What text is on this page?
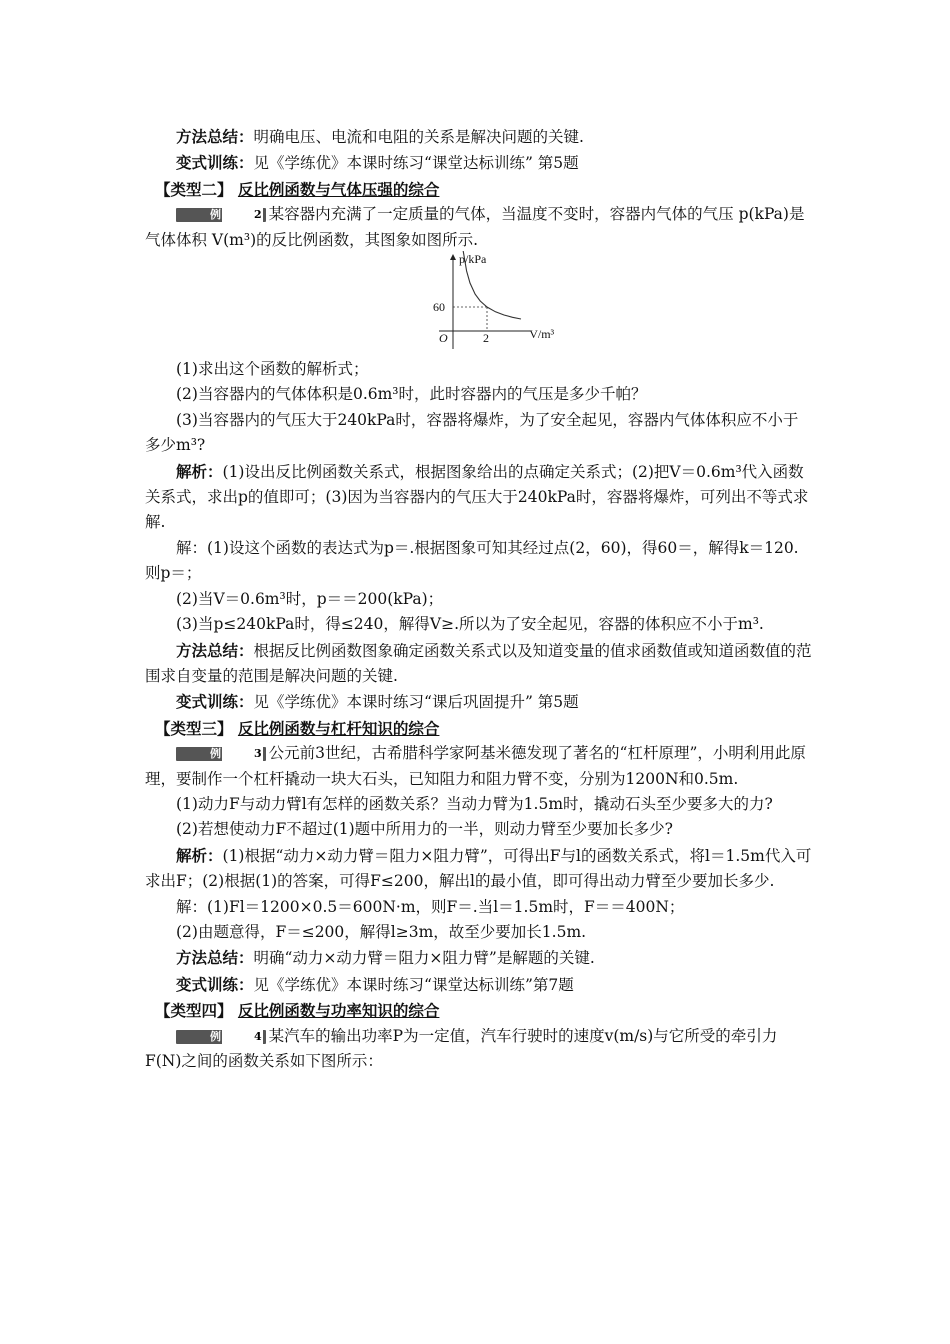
方法总结：明确电压、电流和电阻的关系是解决问题的关键.

变式训练：见《学练优》本课时练习“课堂达标训练” 第5题

【类型二】 反比例函数与气体压强的综合

例	2 某容器内充满了一定质量的气体，当温度不变时，容器内气体的气压 p(kPa)是气体体积 V(m³)的反比例函数，其图象如图所示.

p/kPa
V/m³
O	2
60

(1)求出这个函数的解析式；

(2)当容器内的气体体积是0.6m³时，此时容器内的气压是多少千帕？

(3)当容器内的气压大于240kPa时，容器将爆炸，为了安全起见，容器内气体体积应不小于多少m³?

解析：(1)设出反比例函数关系式，根据图象给出的点确定关系式；(2)把V＝0.6m³代入函数关系式，求出p的值即可；(3)因为当容器内的气压大于240kPa时，容器将爆炸，可列出不等式求解.

解：(1)设这个函数的表达式为p＝.根据图象可知其经过点(2，60)，得60＝，解得k＝120.则p＝；

(2)当V＝0.6m³时，p＝＝200(kPa)；

(3)当p≤240kPa时，得≤240，解得V≥.所以为了安全起见，容器的体积应不小于m³.

方法总结：根据反比例函数图象确定函数关系式以及知道变量的值求函数值或知道函数值的范围求自变量的范围是解决问题的关键.

变式训练：见《学练优》本课时练习“课后巩固提升” 第5题

【类型三】 反比例函数与杠杆知识的综合

例	3 公元前3世纪，古希腊科学家阿基米德发现了著名的“杠杆原理”，小明利用此原理，要制作一个杠杆撬动一块大石头，已知阻力和阻力臂不变，分别为1200N和0.5m.

(1)动力F与动力臂l有怎样的函数关系？当动力臂为1.5m时，撬动石头至少要多大的力?

(2)若想使动力F不超过(1)题中所用力的一半，则动力臂至少要加长多少?

解析：(1)根据“动力×动力臂＝阻力×阻力臂”，可得出F与l的函数关系式，将l＝1.5m代入可求出F；(2)根据(1)的答案，可得F≤200，解出l的最小值，即可得出动力臂至少要加长多少.

解：(1)Fl＝1200×0.5＝600N·m，则F＝.当l＝1.5m时，F＝＝400N；

(2)由题意得，F＝≤200，解得l≥3m，故至少要加长1.5m.

方法总结：明确“动力×动力臂＝阻力×阻力臂”是解题的关键.

变式训练：见《学练优》本课时练习“课堂达标训练”第7题

【类型四】 反比例函数与功率知识的综合

例	4 某汽车的输出功率P为一定值，汽车行驶时的速度v(m/s)与它所受的牵引力F(N)之间的函数关系如下图所示：
